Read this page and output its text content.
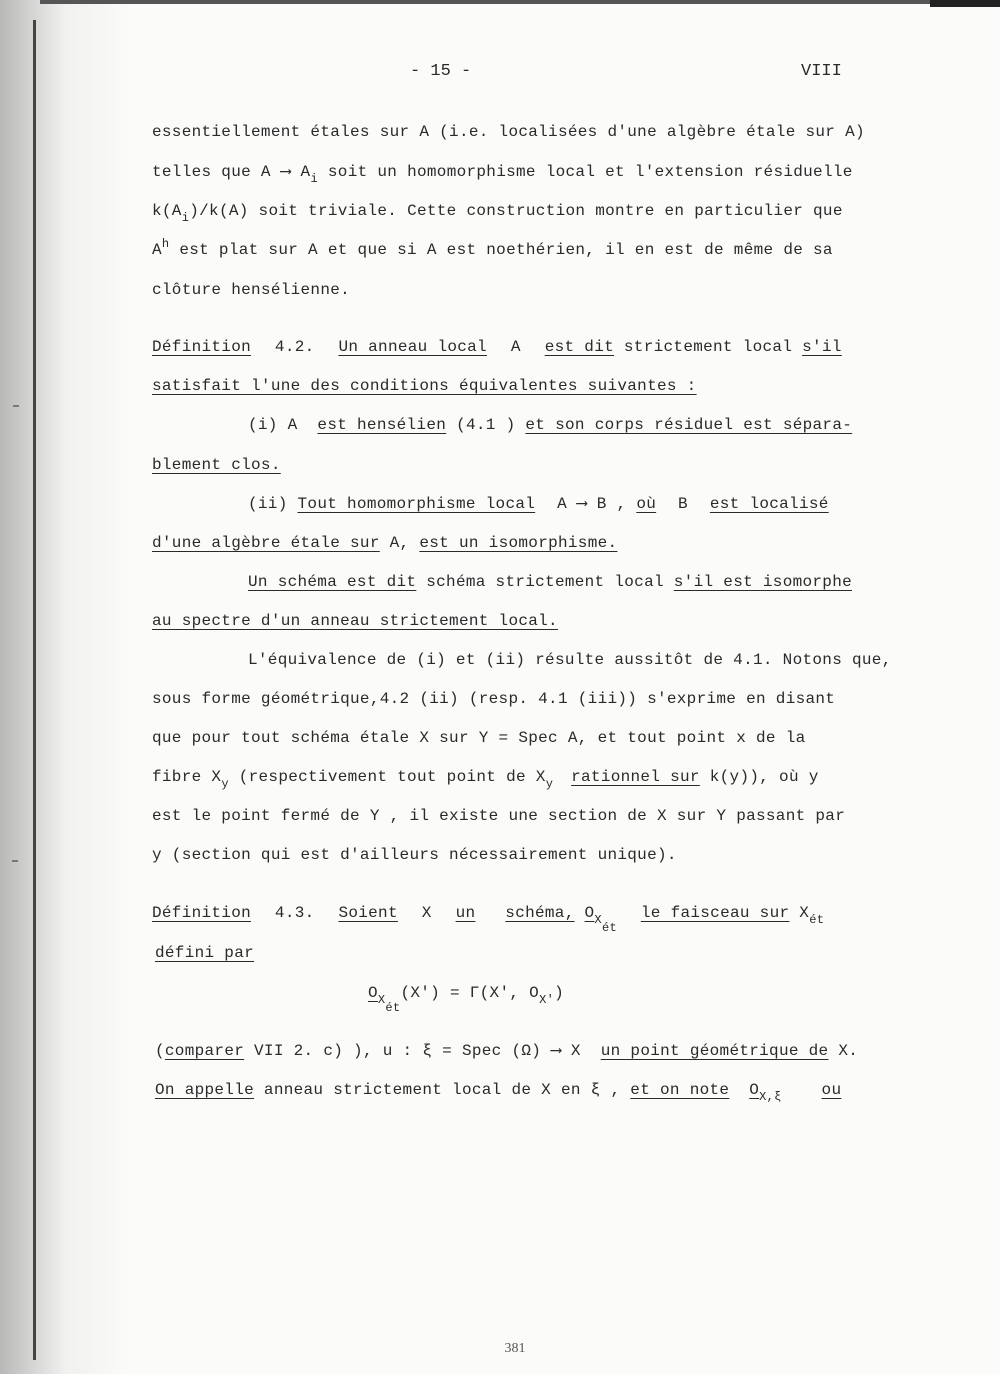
- 15 -	VIII
essentiellement étales sur A (i.e. localisées d'une algèbre étale sur A)
telles que A ⟶ $A_i$ soit un homomorphisme local et l'extension résiduelle
$k(A_i)/k(A)$ soit triviale. Cette construction montre en particulier que
$A^h$ est plat sur A et que si A est noethérien, il en est de même de sa
clôture hensélienne.
Définition 4.2. Un anneau local A est dit strictement local s'il
satisfait l'une des conditions équivalentes suivantes :
(i) A est hensélien (4.1 ) et son corps résiduel est sépara-
blement clos.
(ii) Tout homomorphisme local A ⟶ B , où B est localisé
d'une algèbre étale sur A, est un isomorphisme.
Un schéma est dit schéma strictement local s'il est isomorphe
au spectre d'un anneau strictement local.
L'équivalence de (i) et (ii) résulte aussitôt de 4.1. Notons que,
sous forme géométrique,4.2 (ii) (resp. 4.1 (iii)) s'exprime en disant
que pour tout schéma étale X sur Y = Spec A, et tout point x de la
fibre $X_y$ (respectivement tout point de $X_y$ rationnel sur k(y)), où y
est le point fermé de Y , il existe une section de X sur Y passant par
y (section qui est d'ailleurs nécessairement unique).
Définition 4.3. Soient X un schéma, $O_{Xét}$ le faisceau sur $X_{ét}$
défini par
$O_{Xét}(X') = \Gamma(X'$, $O_{X'}$)
(comparer VII 2. c) ), u : ξ = Spec (Ω) ⟶ X un point géométrique de X.
On appelle anneau strictement local de X en ξ , et on note $O_{X,\xi}$ ou
381
